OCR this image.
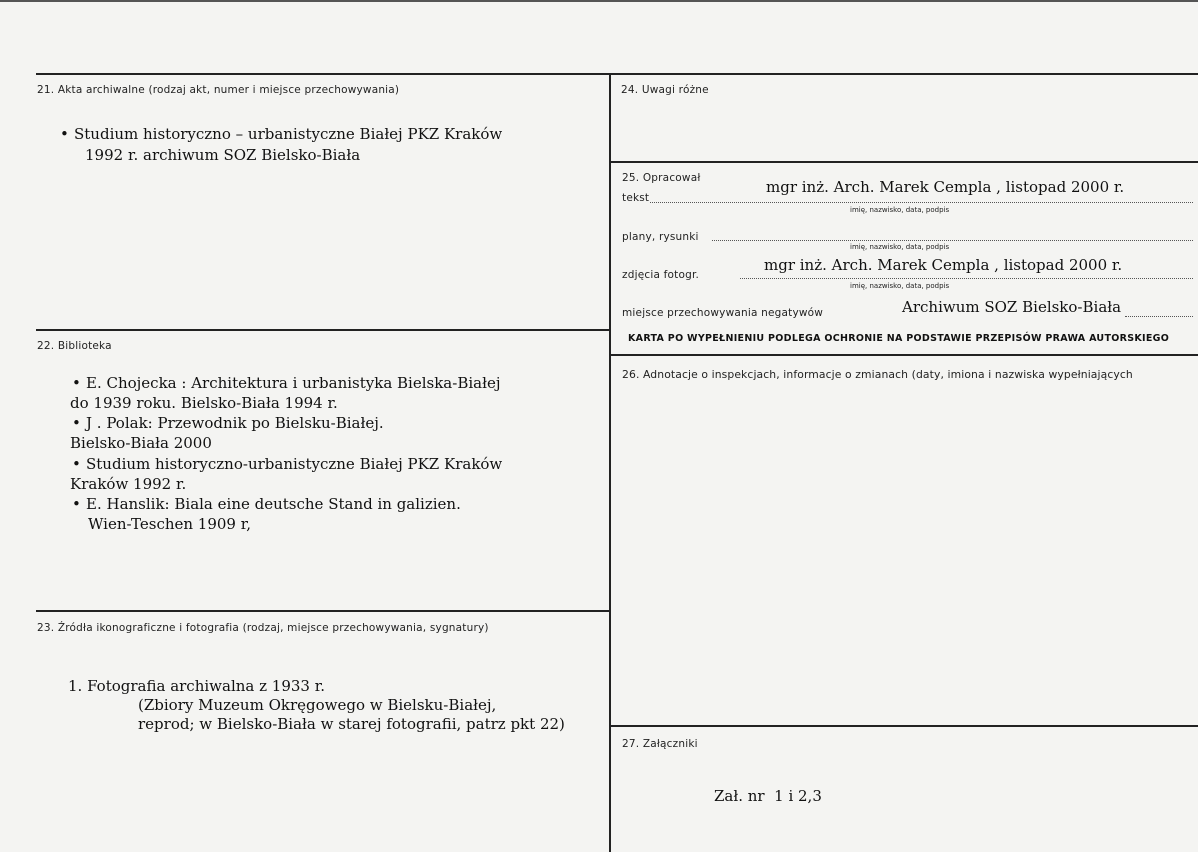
21. Akta archiwalne (rodzaj akt, numer i miejsce przechowywania)
• Studium historyczno – urbanistyczne Białej PKZ Kraków
1992 r. archiwum SOZ Bielsko-Biała
22. Biblioteka
• E. Chojecka : Architektura i urbanistyka Bielska-Białej
do 1939 roku. Bielsko-Biała 1994 r.
• J . Polak: Przewodnik po Bielsku-Białej.
Bielsko-Biała 2000
• Studium historyczno-urbanistyczne Białej PKZ Kraków
Kraków 1992 r.
• E. Hanslik: Biala eine deutsche Stand in galizien.
Wien-Teschen 1909 r,
23. Źródła ikonograficzne i fotografia (rodzaj, miejsce przechowywania, sygnatury)
1. Fotografia archiwalna z 1933 r.
(Zbiory Muzeum Okręgowego w Bielsku-Białej,
reprod; w Bielsko-Biała w starej fotografii, patrz pkt 22)
24. Uwagi różne
25. Opracował
tekst
mgr inż. Arch. Marek Cempla , listopad 2000 r.
imię, nazwisko, data, podpis
plany, rysunki
imię, nazwisko, data, podpis
zdjęcia fotogr.
mgr inż. Arch. Marek Cempla , listopad 2000 r.
imię, nazwisko, data, podpis
miejsce przechowywania negatywów	Archiwum SOZ Bielsko-Biała
KARTA PO WYPEŁNIENIU PODLEGA OCHRONIE NA PODSTAWIE PRZEPISÓW PRAWA AUTORSKIEGO
26. Adnotacje o inspekcjach, informacje o zmianach (daty, imiona i nazwiska wypełniających
27. Załączniki
Zał. nr  1 i 2,3
